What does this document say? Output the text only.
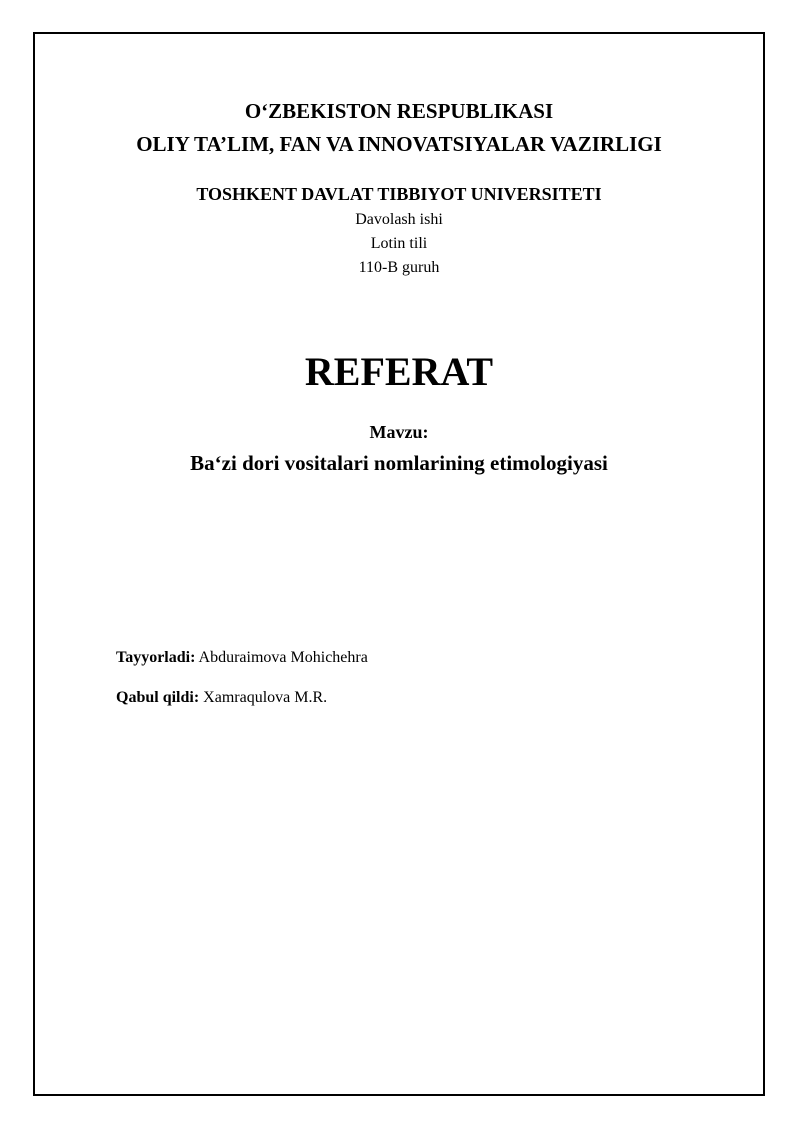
O‘ZBEKISTON RESPUBLIKASI
OLIY TA’LIM, FAN VA INNOVATSIYALAR VAZIRLIGI
TOSHKENT DAVLAT TIBBIYOT UNIVERSITETI
Davolash ishi
Lotin tili
110-B guruh
REFERAT
Mavzu:
Ba‘zi dori vositalari nomlarining etimologiyasi
Tayyorladi: Abduraimova Mohichehra
Qabul qildi: Xamraqulova M.R.
